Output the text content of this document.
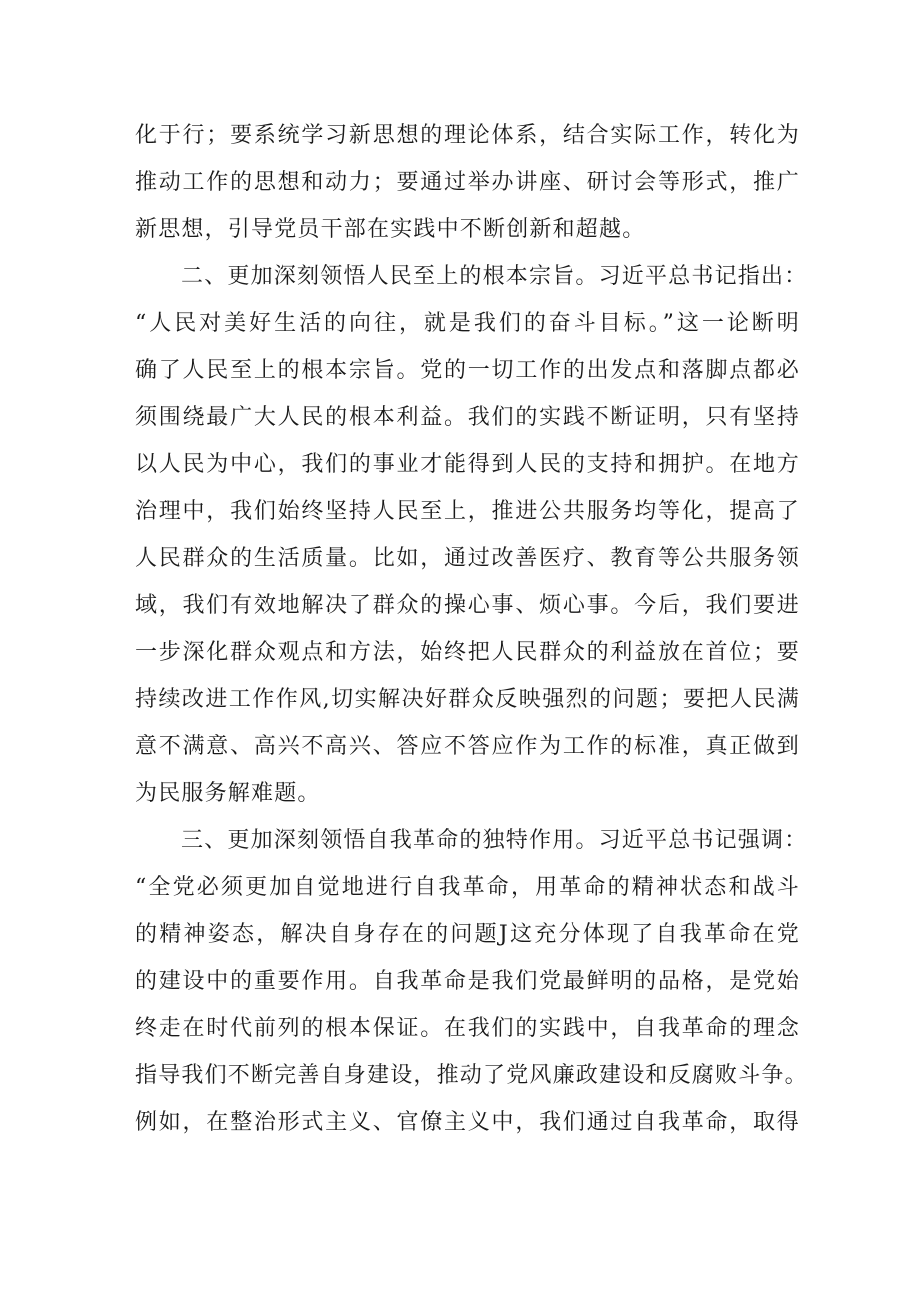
化于行；要系统学习新思想的理论体系，结合实际工作，转化为
推动工作的思想和动力；要通过举办讲座、研讨会等形式，推广
新思想，引导党员干部在实践中不断创新和超越。
二、更加深刻领悟人民至上的根本宗旨。习近平总书记指出：
“人民对美好生活的向往，就是我们的奋斗目标。”这一论断明
确了人民至上的根本宗旨。党的一切工作的出发点和落脚点都必
须围绕最广大人民的根本利益。我们的实践不断证明，只有坚持
以人民为中心，我们的事业才能得到人民的支持和拥护。在地方
治理中，我们始终坚持人民至上，推进公共服务均等化，提高了
人民群众的生活质量。比如，通过改善医疗、教育等公共服务领
域，我们有效地解决了群众的操心事、烦心事。今后，我们要进
一步深化群众观点和方法，始终把人民群众的利益放在首位；要
持续改进工作作风,切实解决好群众反映强烈的问题；要把人民满
意不满意、高兴不高兴、答应不答应作为工作的标准，真正做到
为民服务解难题。
三、更加深刻领悟自我革命的独特作用。习近平总书记强调：
“全党必须更加自觉地进行自我革命，用革命的精神状态和战斗
的精神姿态，解决自身存在的问题J这充分体现了自我革命在党
的建设中的重要作用。自我革命是我们党最鲜明的品格，是党始
终走在时代前列的根本保证。在我们的实践中，自我革命的理念
指导我们不断完善自身建设，推动了党风廉政建设和反腐败斗争。
例如，在整治形式主义、官僚主义中，我们通过自我革命，取得
